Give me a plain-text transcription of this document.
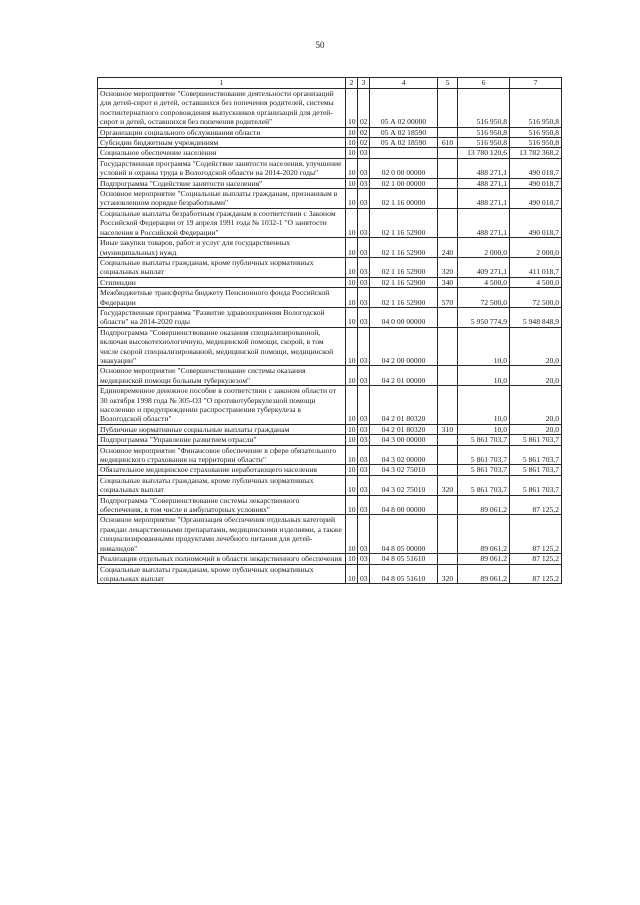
50
1	2	3	4	5	6	7
Основное мероприятие "Совершенствование деятельности организаций для детей-сирот и детей, оставшихся без попечения родителей, системы постинтернатного сопровождения выпускников организаций для детей-сирот и детей, оставшихся без попечения родителей"	10	02	05 А 02 00000		516 950,8	516 950,8
Организации социального обслуживания области	10	02	05 А 02 18590		516 950,8	516 950,8
Субсидии бюджетным учреждениям	10	02	05 А 02 18590	610	516 950,8	516 950,8
Социальное обеспечение населения	10	03			13 780 120,6	13 782 368,2
Государственная программа "Содействие занятости населения, улучшение условий и охраны труда в Вологодской области на 2014-2020 годы"	10	03	02 0 00 00000		488 271,1	490 018,7
Подпрограмма "Содействие занятости населения"	10	03	02 1 00 00000		488 271,1	490 018,7
Основное мероприятие "Социальные выплаты гражданам, признанным в установленном порядке безработными"	10	03	02 1 16 00000		488 271,1	490 018,7
Социальные выплаты безработным гражданам в соответствии с Законом Российской Федерации от 19 апреля 1991 года № 1032-1 "О занятости населения в Российской Федерации"	10	03	02 1 16 52900		488 271,1	490 018,7
Иные закупки товаров, работ и услуг для государственных (муниципальных) нужд	10	03	02 1 16 52900	240	2 000,0	2 000,0
Социальные выплаты гражданам, кроме публичных нормативных социальных выплат	10	03	02 1 16 52900	320	409 271,1	411 018,7
Стипендии	10	03	02 1 16 52900	340	4 500,0	4 500,0
Межбюджетные трансферты бюджету Пенсионного фонда Российской Федерации	10	03	02 1 16 52900	570	72 500,0	72 500,0
Государственная программа "Развитие здравоохранения Вологодской области" на 2014-2020 годы	10	03	04 0 00 00000		5 950 774,9	5 948 848,9
Подпрограмма "Совершенствование оказания специализированной, включая высокотехнологичную, медицинской помощи, скорой, в том числе скорой специализированной, медицинской помощи, медицинской эвакуации"	10	03	04 2 00 00000		10,0	20,0
Основное мероприятие "Совершенствование системы оказания медицинской помощи больным туберкулезом"	10	03	04 2 01 00000		10,0	20,0
Единовременное денежное пособие в соответствии с законом области от 30 октября 1998 года № 305-ОЗ "О противотуберкулезной помощи населению и предупреждении распространения туберкулеза в Вологодской области"	10	03	04 2 01 80320		10,0	20,0
Публичные нормативные социальные выплаты гражданам	10	03	04 2 01 80320	310	10,0	20,0
Подпрограмма "Управление развитием отрасли"	10	03	04 3 00 00000		5 861 703,7	5 861 703,7
Основное мероприятие "Финансовое обеспечение в сфере обязательного медицинского страхования на территории области"	10	03	04 3 02 00000		5 861 703,7	5 861 703,7
Обязательное медицинское страхование неработающего населения	10	03	04 3 02 75010		5 861 703,7	5 861 703,7
Социальные выплаты гражданам, кроме публичных нормативных социальных выплат	10	03	04 3 02 75010	320	5 861 703,7	5 861 703,7
Подпрограмма "Совершенствование системы лекарственного обеспечения, в том числе в амбулаторных условиях"	10	03	04 8 00 00000		89 061,2	87 125,2
Основное мероприятие "Организация обеспечения отдельных категорий граждан лекарственными препаратами, медицинскими изделиями, а также специализированными продуктами лечебного питания для детей-инвалидов"	10	03	04 8 05 00000		89 061,2	87 125,2
Реализация отдельных полномочий в области лекарственного обеспечения	10	03	04 8 05 51610		89 061,2	87 125,2
Социальные выплаты гражданам, кроме публичных нормативных социальных выплат	10	03	04 8 05 51610	320	89 061,2	87 125,2
